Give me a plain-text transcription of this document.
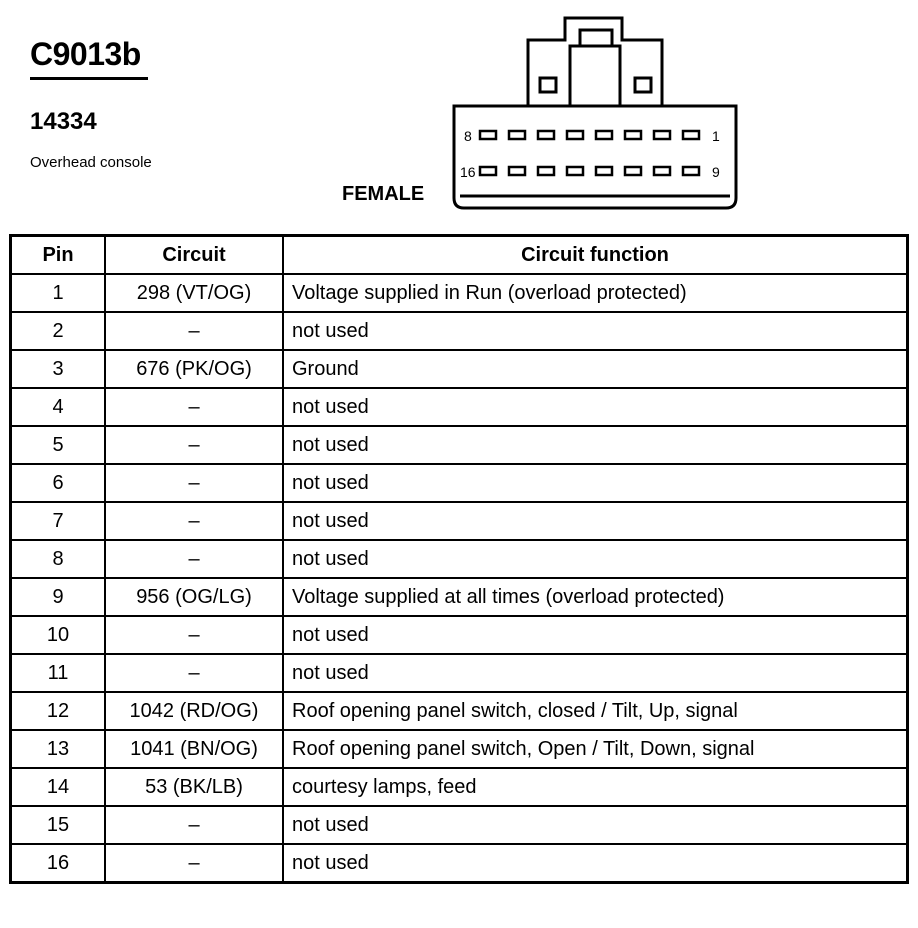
C9013b
14334
Overhead console
FEMALE
8	1
16	9
Pin	Circuit	Circuit function
1	298 (VT/OG)	Voltage supplied in Run (overload protected)
2	–	not used
3	676 (PK/OG)	Ground
4	–	not used
5	–	not used
6	–	not used
7	–	not used
8	–	not used
9	956 (OG/LG)	Voltage supplied at all times (overload protected)
10	–	not used
11	–	not used
12	1042 (RD/OG)	Roof opening panel switch, closed / Tilt, Up, signal
13	1041 (BN/OG)	Roof opening panel switch, Open / Tilt, Down, signal
14	53 (BK/LB)	courtesy lamps, feed
15	–	not used
16	–	not used
